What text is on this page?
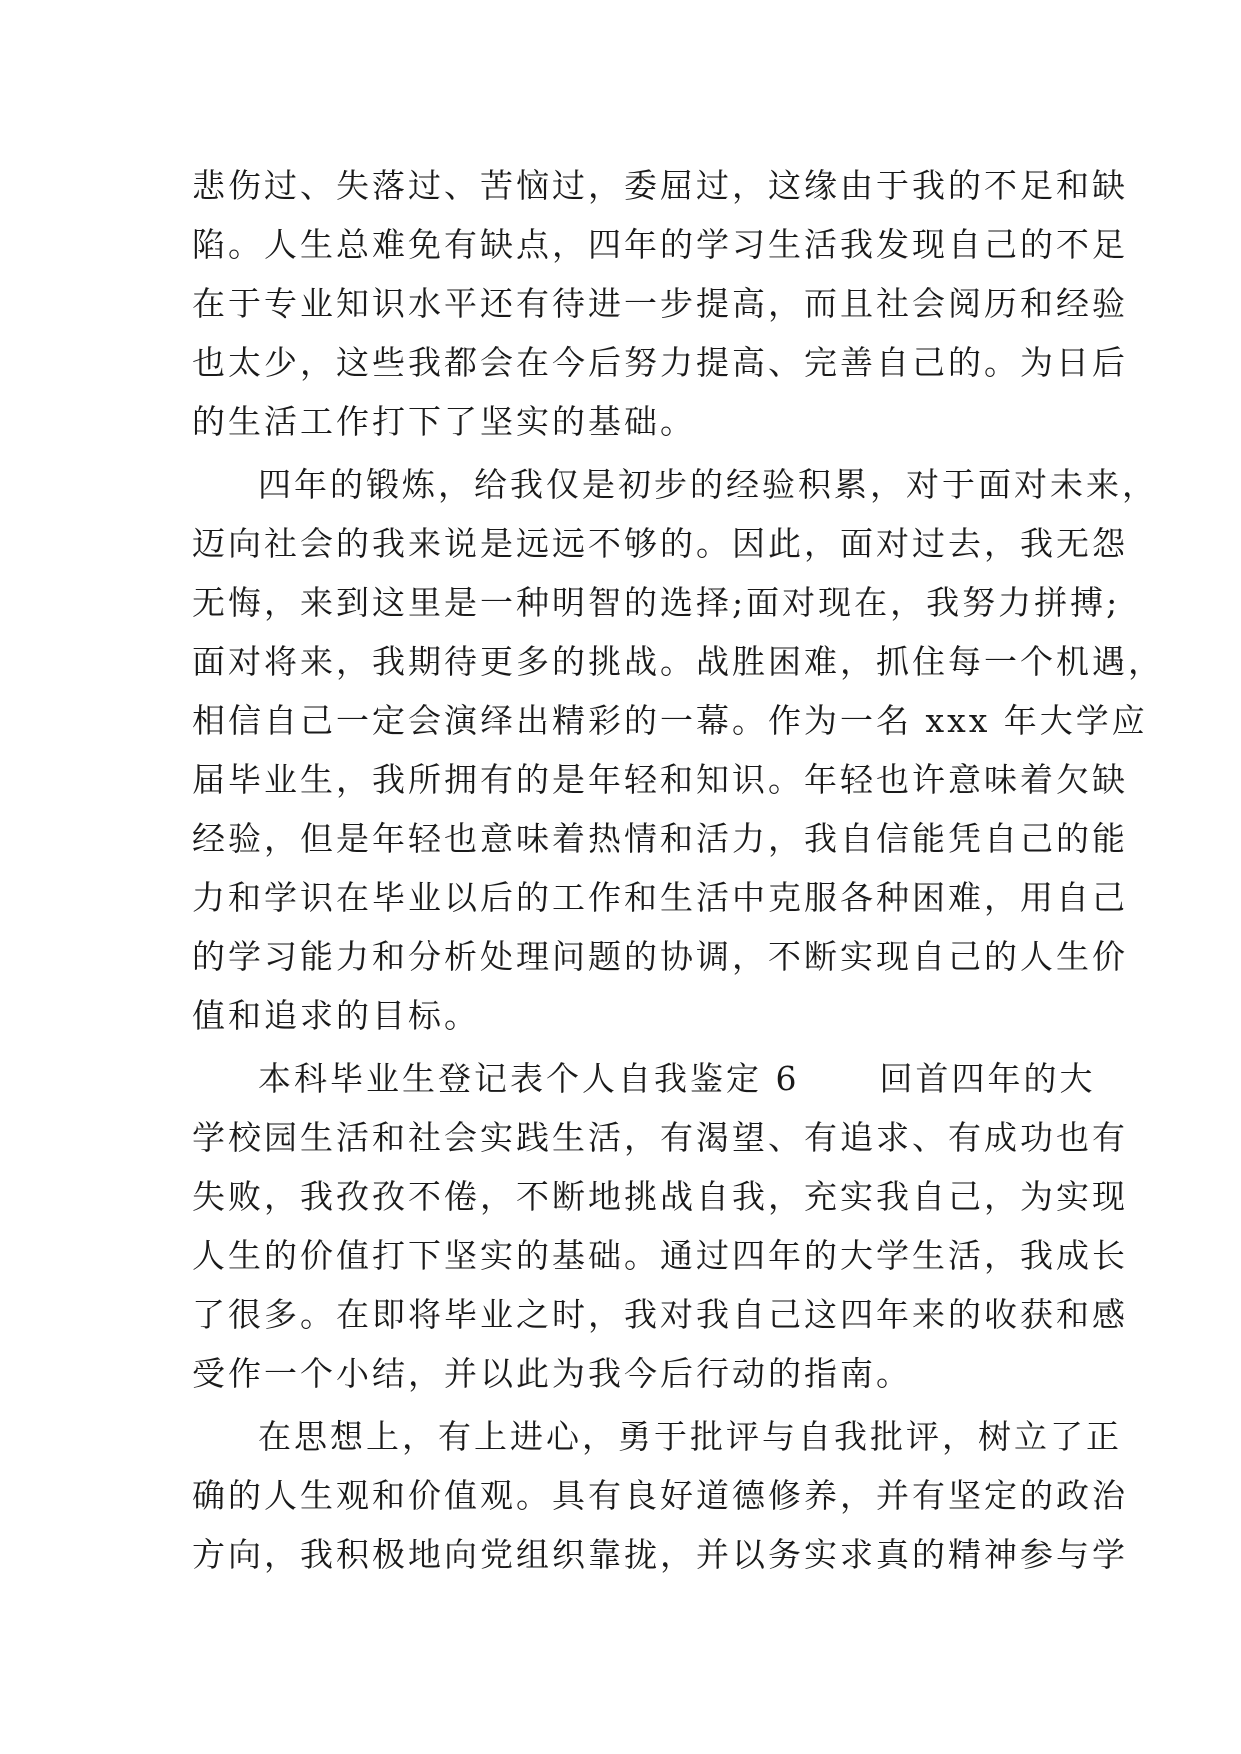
悲伤过、失落过、苦恼过，委屈过，这缘由于我的不足和缺
陷。人生总难免有缺点，四年的学习生活我发现自己的不足
在于专业知识水平还有待进一步提高，而且社会阅历和经验
也太少，这些我都会在今后努力提高、完善自己的。为日后
的生活工作打下了坚实的基础。
四年的锻炼，给我仅是初步的经验积累，对于面对未来，
迈向社会的我来说是远远不够的。因此，面对过去，我无怨
无悔，来到这里是一种明智的选择;面对现在，我努力拼搏;
面对将来，我期待更多的挑战。战胜困难，抓住每一个机遇，
相信自己一定会演绎出精彩的一幕。作为一名 xxx 年大学应
届毕业生，我所拥有的是年轻和知识。年轻也许意味着欠缺
经验，但是年轻也意味着热情和活力，我自信能凭自己的能
力和学识在毕业以后的工作和生活中克服各种困难，用自己
的学习能力和分析处理问题的协调，不断实现自己的人生价
值和追求的目标。
本科毕业生登记表个人自我鉴定 6 回首四年的大
学校园生活和社会实践生活，有渴望、有追求、有成功也有
失败，我孜孜不倦，不断地挑战自我，充实我自己，为实现
人生的价值打下坚实的基础。通过四年的大学生活，我成长
了很多。在即将毕业之时，我对我自己这四年来的收获和感
受作一个小结，并以此为我今后行动的指南。
在思想上，有上进心，勇于批评与自我批评，树立了正
确的人生观和价值观。具有良好道德修养，并有坚定的政治
方向，我积极地向党组织靠拢，并以务实求真的精神参与学
